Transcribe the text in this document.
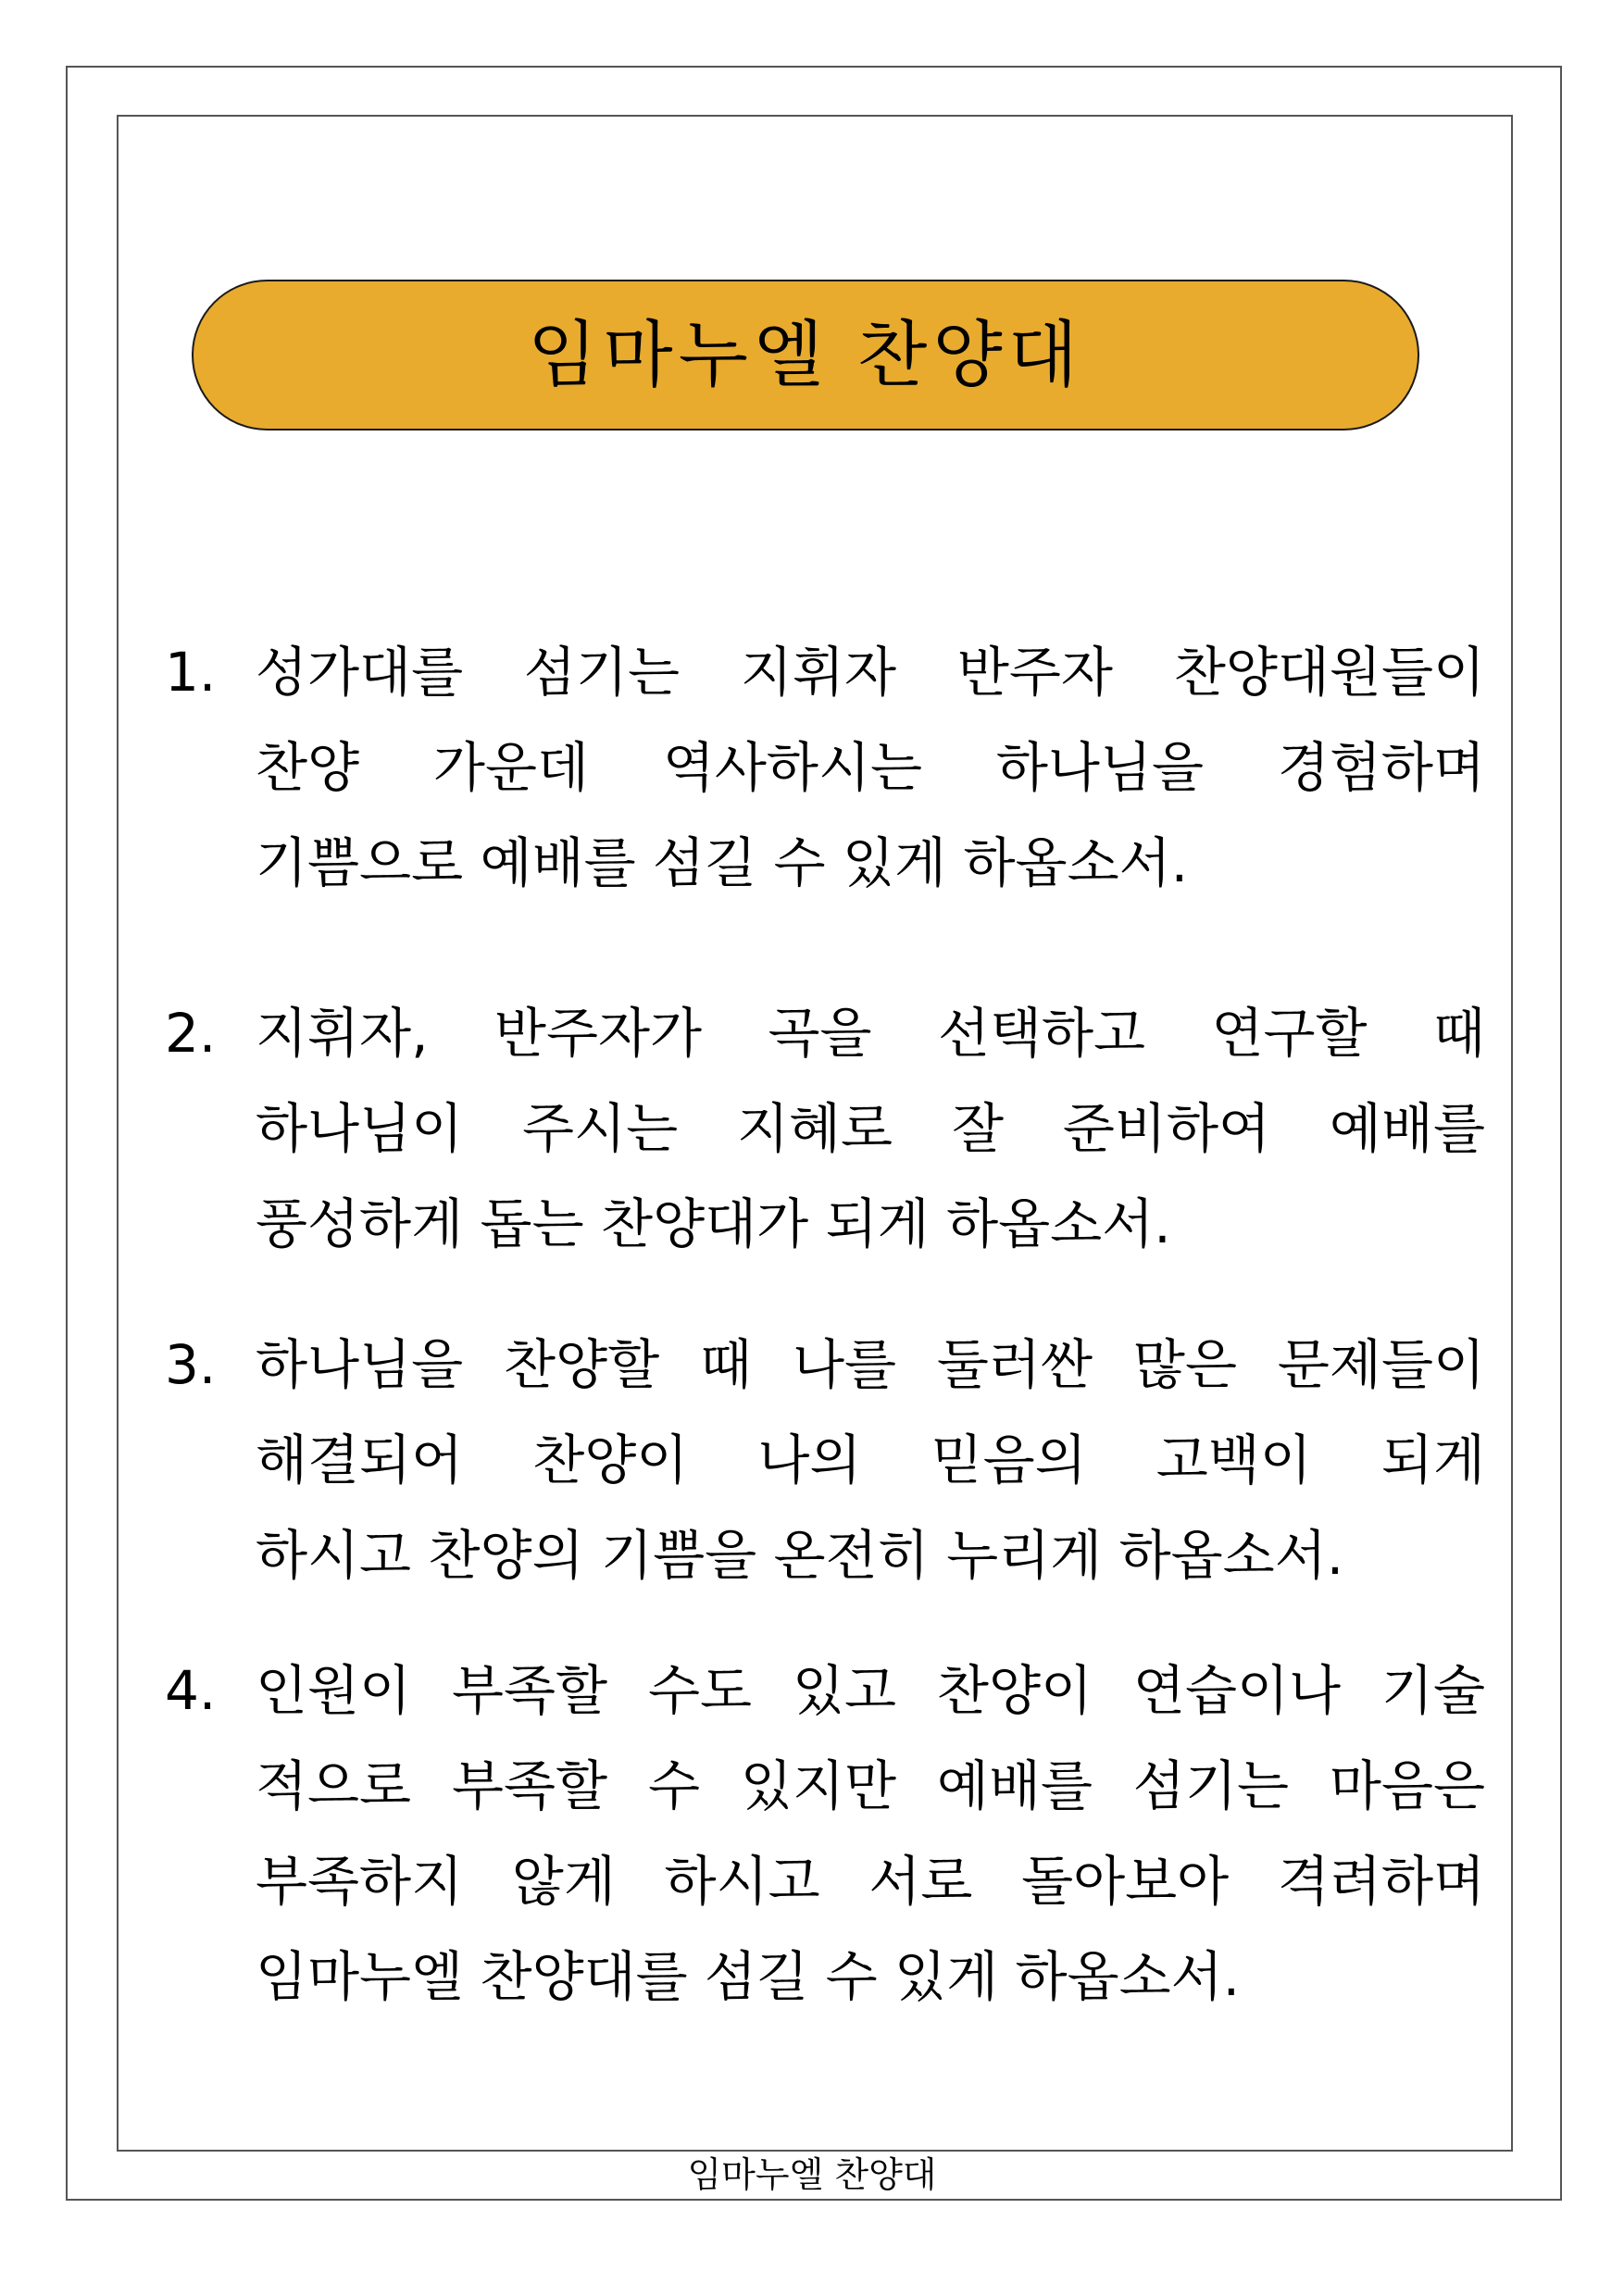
임마누엘 찬양대
1. 성가대를 섬기는 지휘자 반주자 찬양대원들이
찬양 가운데 역사하시는 하나님을 경험하며
기쁨으로 예배를 섬길 수 있게 하옵소서.
2. 지휘자, 반주자가 곡을 선택하고 연구할 때
하나님이 주시는 지혜로 잘 준비하여 예배를
풍성하게 돕는 찬양대가 되게 하옵소서.
3. 하나님을 찬양할 때 나를 둘러싼 많은 문제들이
해결되어 찬양이 나의 믿음의 고백이 되게
하시고 찬양의 기쁨을 온전히 누리게 하옵소서.
4. 인원이 부족할 수도 있고 찬양이 연습이나 기술
적으로 부족할 수 있지만 예배를 섬기는 마음은
부족하지 않게 하시고 서로 돌아보아 격려하며
임마누엘 찬양대를 섬길 수 있게 하옵소서.
임마누엘 찬양대
